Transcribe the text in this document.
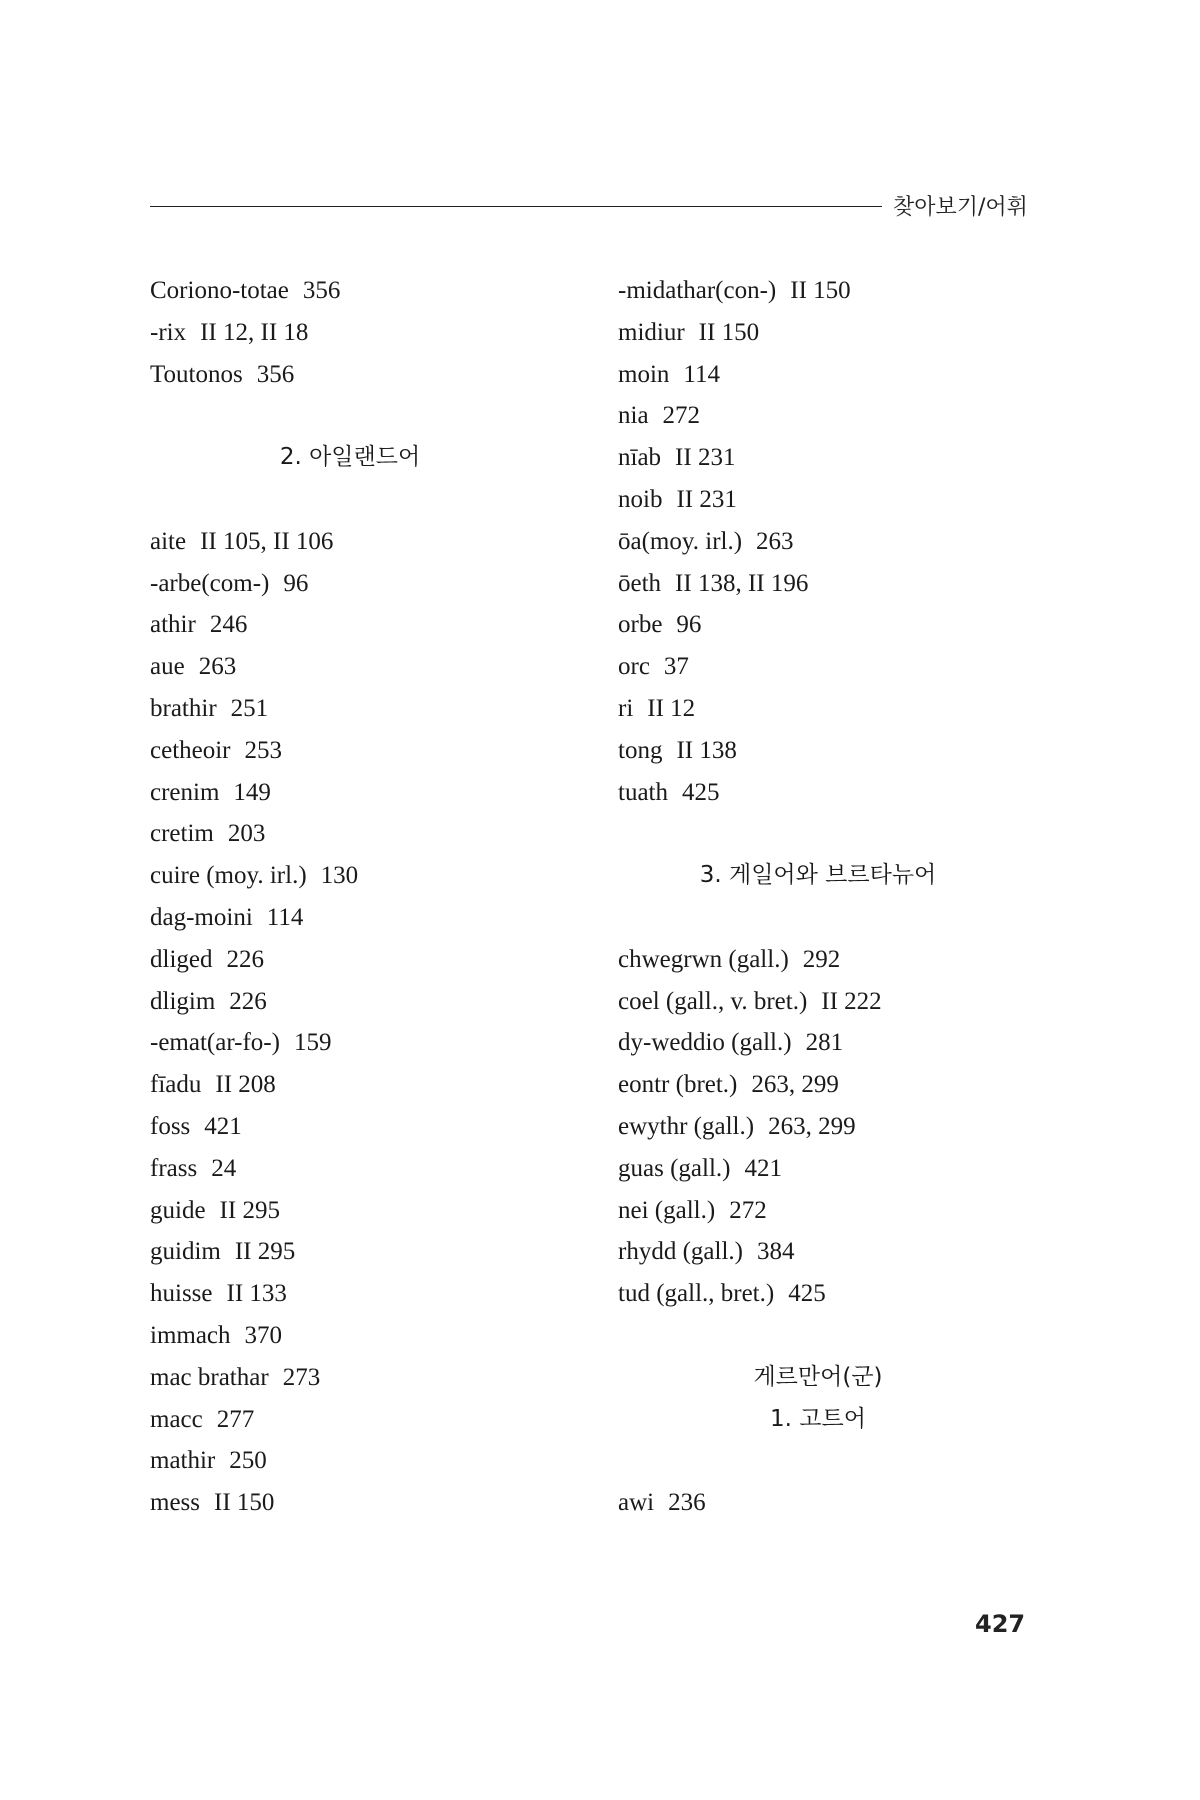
찾아보기/어휘
Coriono-totae 356
-rix II 12, II 18
Toutonos 356
2. 아일랜드어
aite II 105, II 106
-arbe(com-) 96
athir 246
aue 263
brathir 251
cetheoir 253
crenim 149
cretim 203
cuire (moy. irl.) 130
dag-moini 114
dliged 226
dligim 226
-emat(ar-fo-) 159
fīadu II 208
foss 421
frass 24
guide II 295
guidim II 295
huisse II 133
immach 370
mac brathar 273
macc 277
mathir 250
mess II 150
-midathar(con-) II 150
midiur II 150
moin 114
nia 272
nīab II 231
noib II 231
ōa(moy. irl.) 263
ōeth II 138, II 196
orbe 96
orc 37
ri II 12
tong II 138
tuath 425
3. 게일어와 브르타뉴어
chwegrwn (gall.) 292
coel (gall., v. bret.) II 222
dy-weddio (gall.) 281
eontr (bret.) 263, 299
ewythr (gall.) 263, 299
guas (gall.) 421
nei (gall.) 272
rhydd (gall.) 384
tud (gall., bret.) 425
게르만어(군)
1. 고트어
awi 236
427
